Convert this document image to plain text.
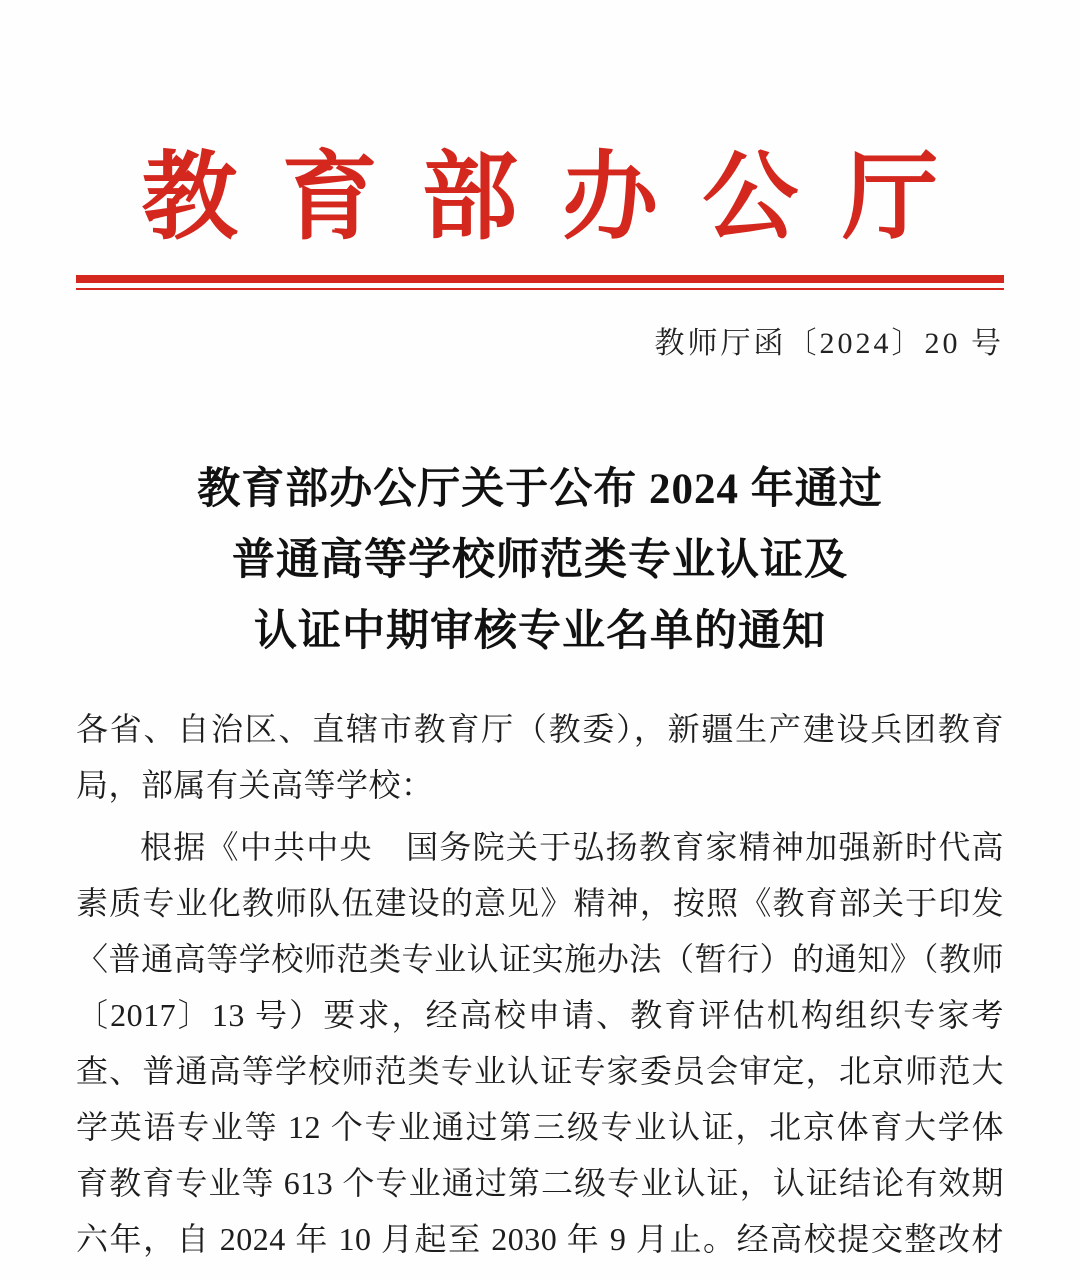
教育部办公厅
教师厅函〔2024〕20 号
教育部办公厅关于公布 2024 年通过
普通高等学校师范类专业认证及
认证中期审核专业名单的通知
各省、自治区、直辖市教育厅（教委），新疆生产建设兵团教育
局，部属有关高等学校：
根据《中共中央　国务院关于弘扬教育家精神加强新时代高
素质专业化教师队伍建设的意见》精神，按照《教育部关于印发
〈普通高等学校师范类专业认证实施办法（暂行）的通知》（教师
〔2017〕13 号）要求，经高校申请、教育评估机构组织专家考
查、普通高等学校师范类专业认证专家委员会审定，北京师范大
学英语专业等 12 个专业通过第三级专业认证，北京体育大学体
育教育专业等 613 个专业通过第二级专业认证，认证结论有效期
六年，自 2024 年 10 月起至 2030 年 9 月止。经高校提交整改材
